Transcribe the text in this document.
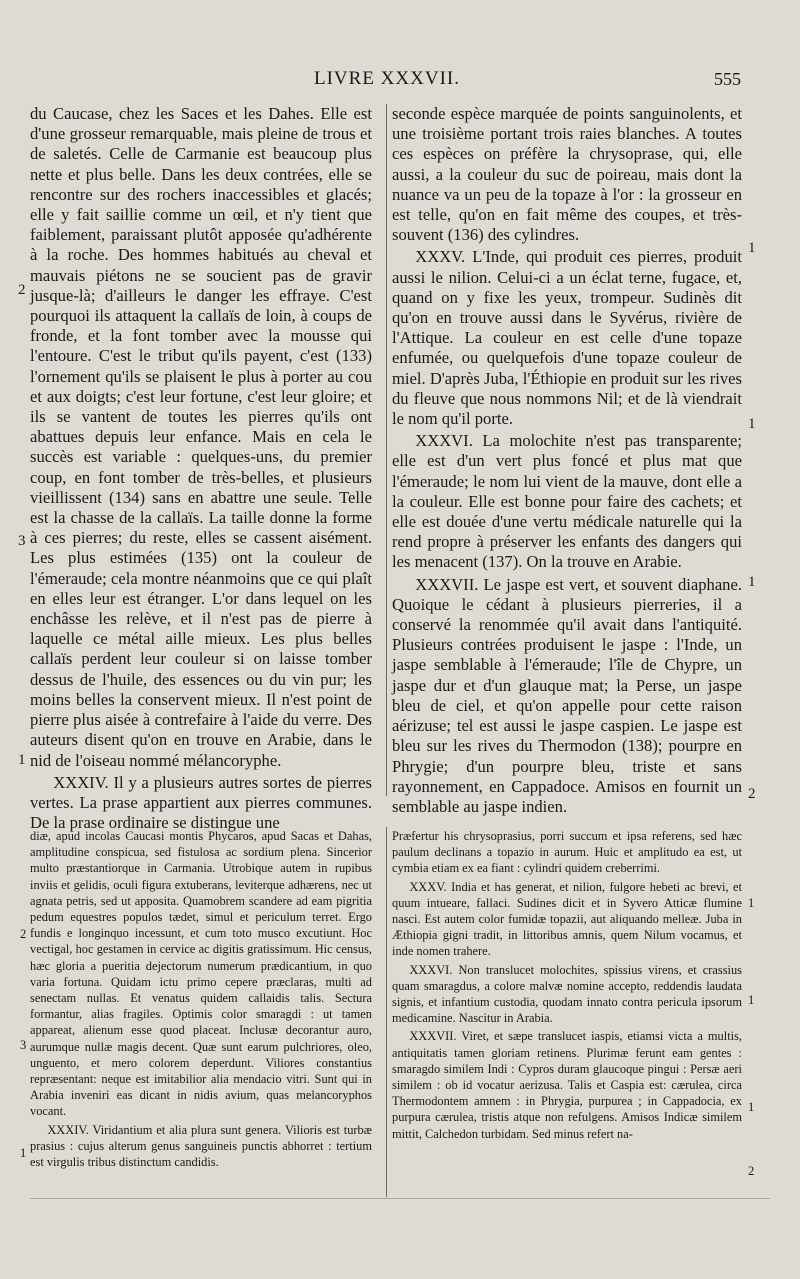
LIVRE XXXVII.	555

du Caucase, chez les Saces et les Dahes. Elle est d'une grosseur remarquable, mais pleine de trous et de saletés. Celle de Carmanie est beaucoup plus nette et plus belle. Dans les deux contrées, elle se rencontre sur des rochers inaccessibles et glacés; elle y fait saillie comme un œil, et n'y tient que faiblement, paraissant plutôt apposée qu'adhérente à la roche. Des hommes habitués au cheval et mauvais piétons ne se soucient pas de gravir jusque-là; d'ailleurs le danger les effraye. C'est pourquoi ils attaquent la callaïs de loin, à coups de fronde, et la font tomber avec la mousse qui l'entoure. C'est le tribut qu'ils payent, c'est (133) l'ornement qu'ils se plaisent le plus à porter au cou et aux doigts; c'est leur fortune, c'est leur gloire; et ils se vantent de toutes les pierres qu'ils ont abattues depuis leur enfance. Mais en cela le succès est variable : quelques-uns, du premier coup, en font tomber de très-belles, et plusieurs vieillissent (134) sans en abattre une seule. Telle est la chasse de la callaïs. La taille donne la forme à ces pierres; du reste, elles se cassent aisément. Les plus estimées (135) ont la couleur de l'émeraude; cela montre néanmoins que ce qui plaît en elles leur est étranger. L'or dans lequel on les enchâsse les relève, et il n'est pas de pierre à laquelle ce métal aille mieux. Les plus belles callaïs perdent leur couleur si on laisse tomber dessus de l'huile, des essences ou du vin pur; les moins belles la conservent mieux. Il n'est point de pierre plus aisée à contrefaire à l'aide du verre. Des auteurs disent qu'on en trouve en Arabie, dans le nid de l'oiseau nommé mélancoryphe.

XXXIV. Il y a plusieurs autres sortes de pierres vertes. La prase appartient aux pierres communes. De la prase ordinaire se distingue une

2
3
1

seconde espèce marquée de points sanguinolents, et une troisième portant trois raies blanches. A toutes ces espèces on préfère la chrysoprase, qui, elle aussi, a la couleur du suc de poireau, mais dont la nuance va un peu de la topaze à l'or : la grosseur en est telle, qu'on en fait même des coupes, et très-souvent (136) des cylindres.

XXXV. L'Inde, qui produit ces pierres, produit aussi le nilion. Celui-ci a un éclat terne, fugace, et, quand on y fixe les yeux, trompeur. Sudinès dit qu'on en trouve aussi dans le Syvérus, rivière de l'Attique. La couleur en est celle d'une topaze enfumée, ou quelquefois d'une topaze couleur de miel. D'après Juba, l'Éthiopie en produit sur les rives du fleuve que nous nommons Nil; et de là viendrait le nom qu'il porte.

XXXVI. La molochite n'est pas transparente; elle est d'un vert plus foncé et plus mat que l'émeraude; le nom lui vient de la mauve, dont elle a la couleur. Elle est bonne pour faire des cachets; et elle est douée d'une vertu médicale naturelle qui la rend propre à préserver les enfants des dangers qui les menacent (137). On la trouve en Arabie.

XXXVII. Le jaspe est vert, et souvent diaphane. Quoique le cédant à plusieurs pierreries, il a conservé la renommée qu'il avait dans l'antiquité. Plusieurs contrées produisent le jaspe : l'Inde, un jaspe semblable à l'émeraude; l'île de Chypre, un jaspe dur et d'un glauque mat; la Perse, un jaspe bleu de ciel, et qu'on appelle pour cette raison aérizuse; tel est aussi le jaspe caspien. Le jaspe est bleu sur les rives du Thermodon (138); pourpre en Phrygie; d'un pourpre bleu, triste et sans rayonnement, en Cappadoce. Amisos en fournit un semblable au jaspe indien.

1
1
1
2

diæ, apud incolas Caucasi montis Phycaros, apud Sacas et Dahas, amplitudine conspicua, sed fistulosa ac sordium plena. Sincerior multo præstantiorque in Carmania. Utrobique autem in rupibus inviis et gelidis, oculi figura extuberans, leviterque adhærens, nec ut agnata petris, sed ut apposita. Quamobrem scandere ad eam pigritia pedum equestres populos tædet, simul et periculum terret. Ergo fundis e longinquo incessunt, et cum toto musco excutiunt. Hoc vectigal, hoc gestamen in cervice ac digitis gratissimum. Hic census, hæc gloria a pueritia dejectorum numerum prædicantium, in quo varia fortuna. Quidam ictu primo cepere præclaras, multi ad senectam nullas. Et venatus quidem callaidis talis. Sectura formantur, alias fragiles. Optimis color smaragdi : ut tamen appareat, alienum esse quod placeat. Inclusæ decorantur auro, aurumque nullæ magis decent. Quæ sunt earum pulchriores, oleo, unguento, et mero colorem deperdunt. Viliores constantius repræsentant: neque est imitabilior alia mendacio vitri. Sunt qui in Arabia inveniri eas dicant in nidis avium, quas melancoryphos vocant.

XXXIV. Viridantium et alia plura sunt genera. Vilioris est turbæ prasius : cujus alterum genus sanguineis punctis abhorret : tertium est virgulis tribus distinctum candidis.

2
3
1

Præfertur his chrysoprasius, porri succum et ipsa referens, sed hæc paulum declinans a topazio in aurum. Huic et amplitudo ea est, ut cymbia etiam ex ea fiant : cylindri quidem creberrimi.

XXXV. India et has generat, et nilion, fulgore hebeti ac brevi, et quum intueare, fallaci. Sudines dicit et in Syvero Atticæ flumine nasci. Est autem color fumidæ topazii, aut aliquando melleæ. Juba in Æthiopia gigni tradit, in littoribus amnis, quem Nilum vocamus, et inde nomen trahere.

XXXVI. Non translucet molochites, spissius virens, et crassius quam smaragdus, a colore malvæ nomine accepto, reddendis laudata signis, et infantium custodia, quodam innato contra pericula ipsorum medicamine. Nascitur in Arabia.

XXXVII. Viret, et sæpe translucet iaspis, etiamsi victa a multis, antiquitatis tamen gloriam retinens. Plurimæ ferunt eam gentes : smaragdo similem Indi : Cypros duram glaucoque pingui : Persæ aeri similem : ob id vocatur aerizusa. Talis et Caspia est: cærulea, circa Thermodontem amnem : in Phrygia, purpurea ; in Cappadocia, ex purpura cærulea, tristis atque non refulgens. Amisos Indicæ similem mittit, Calchedon turbidam. Sed minus refert na-

1
1
1
2
